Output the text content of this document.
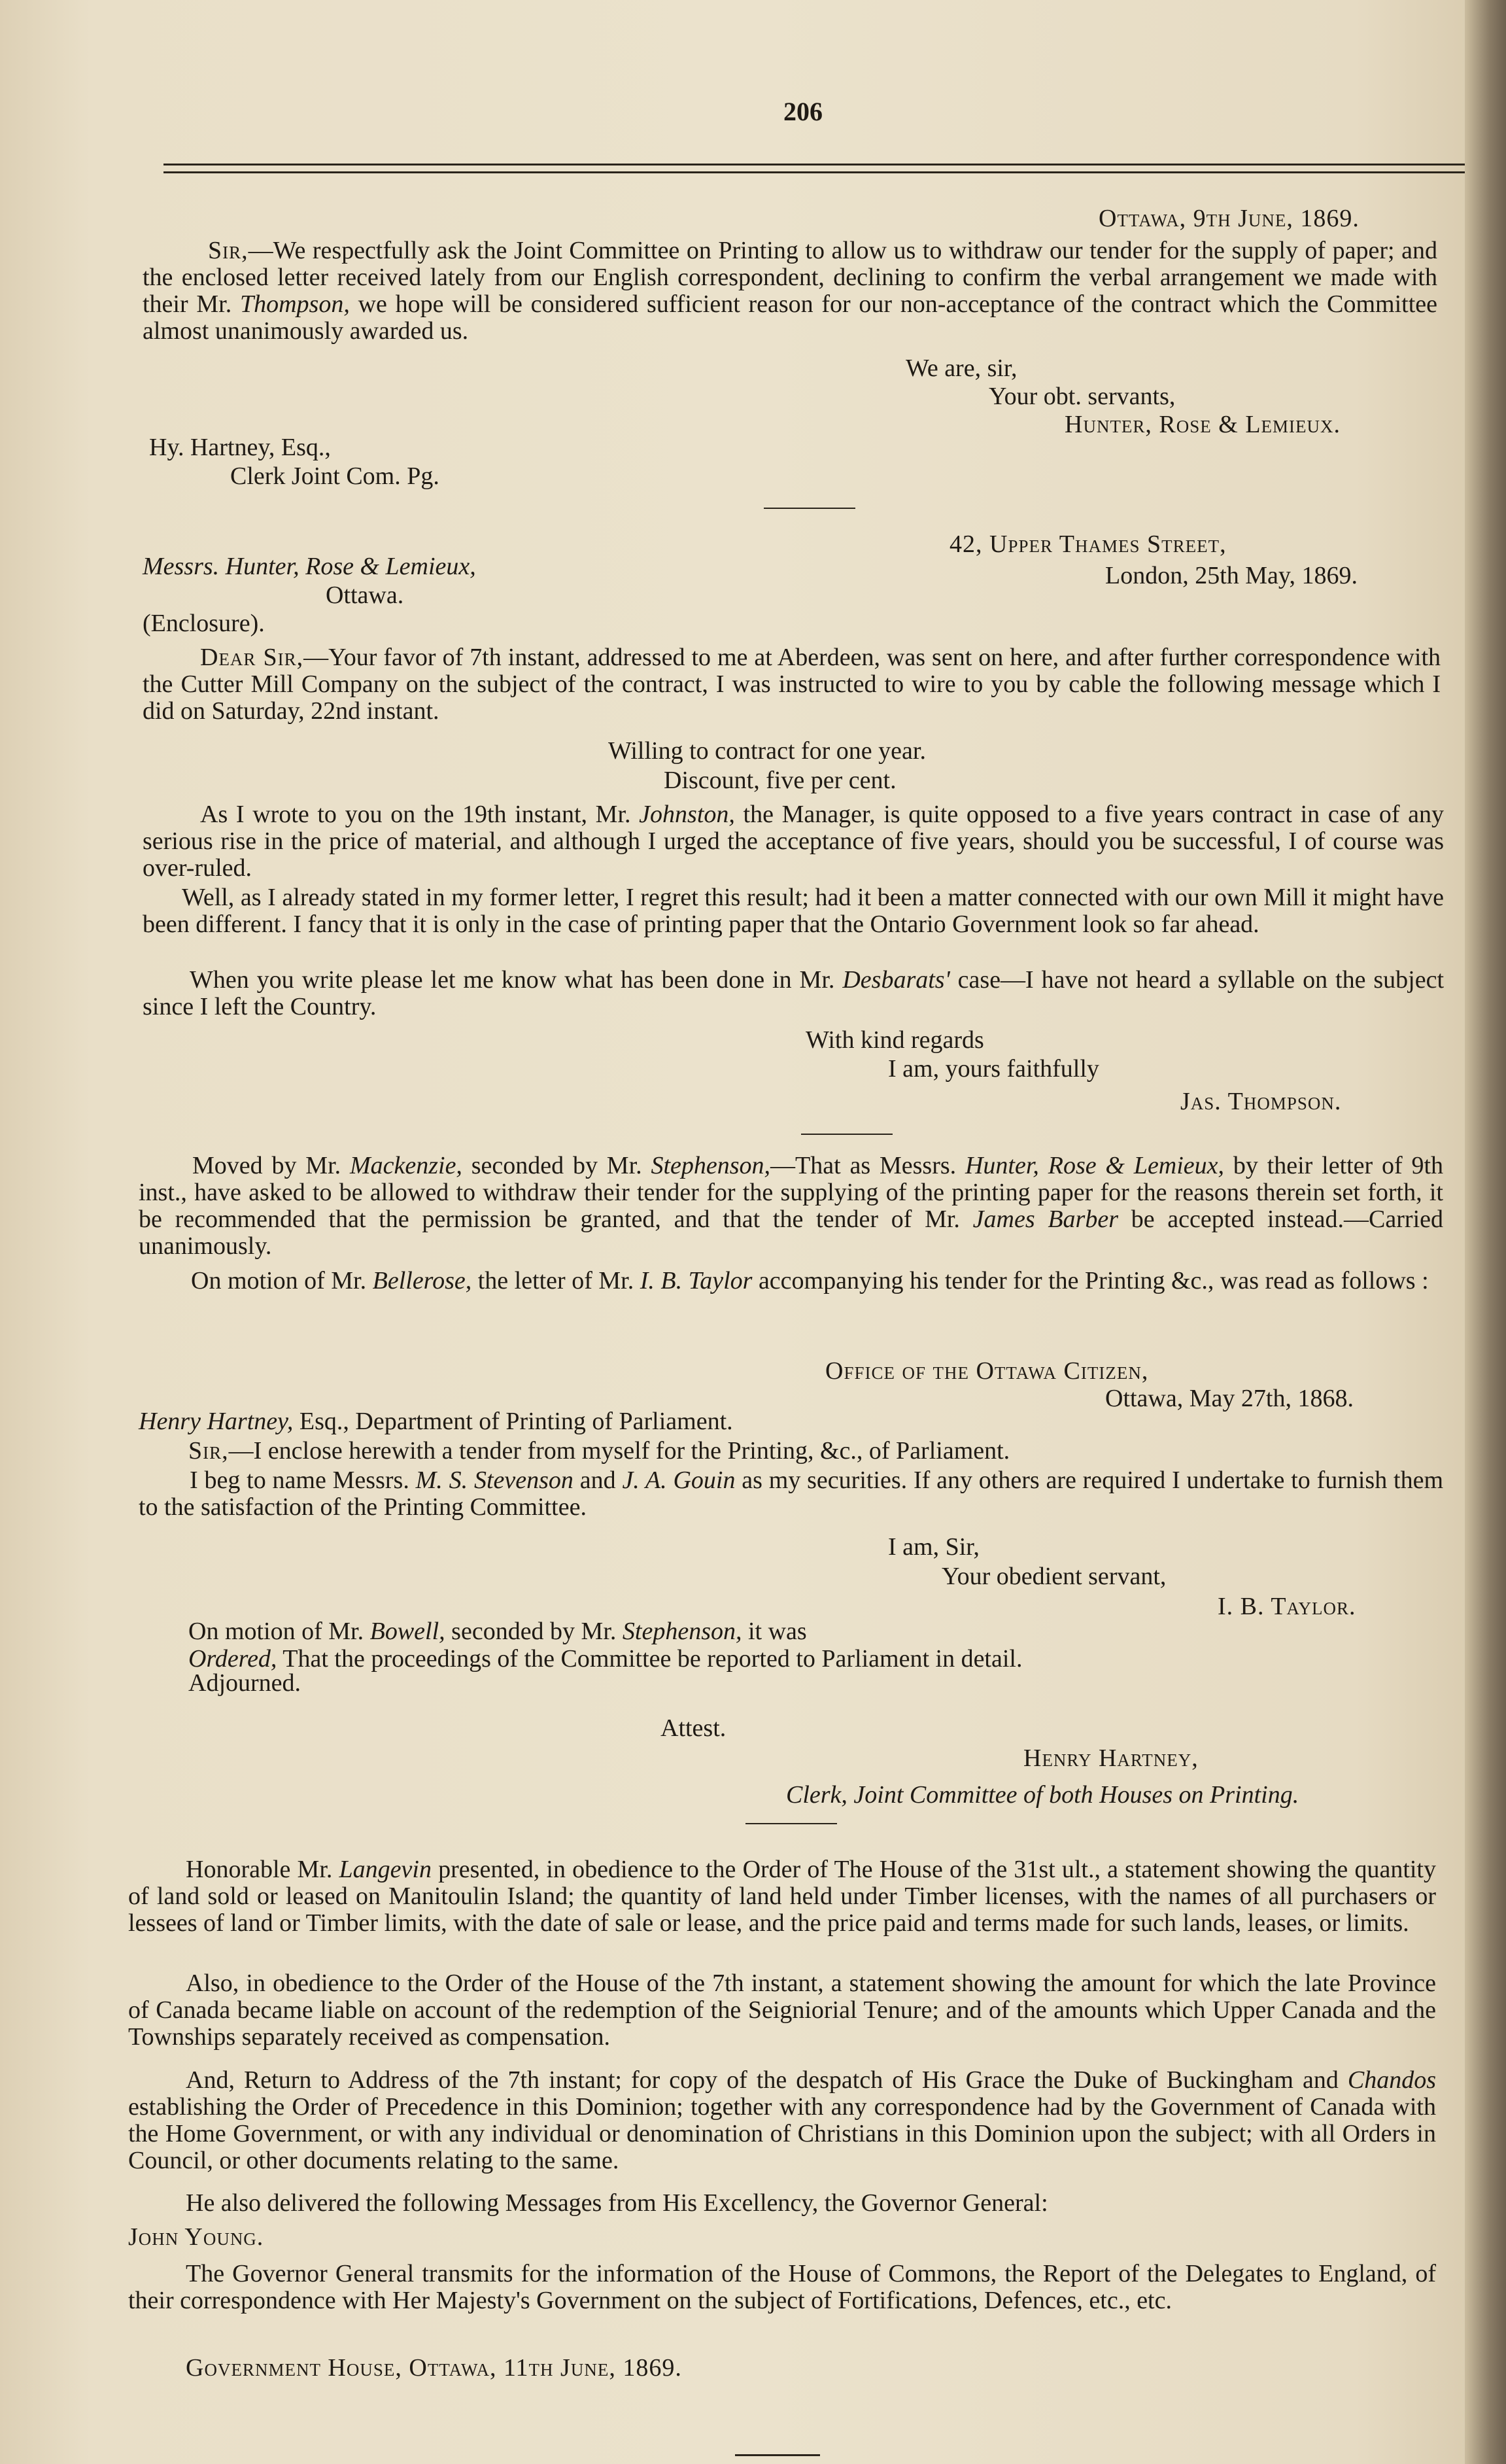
206
Ottawa, 9th June, 1869.
Sir,—We respectfully ask the Joint Committee on Printing to allow us to withdraw our tender for the supply of paper; and the enclosed letter received lately from our English correspondent, declining to confirm the verbal arrangement we made with their Mr. Thompson, we hope will be considered sufficient reason for our non-acceptance of the contract which the Committee almost unanimously awarded us.
We are, sir,
Your obt. servants,
Hunter, Rose & Lemieux.
Hy. Hartney, Esq.,
Clerk Joint Com. Pg.
42, Upper Thames Street,
Messrs. Hunter, Rose & Lemieux,	London, 25th May, 1869.
Ottawa.
(Enclosure).
Dear Sir,—Your favor of 7th instant, addressed to me at Aberdeen, was sent on here, and after further correspondence with the Cutter Mill Company on the subject of the contract, I was instructed to wire to you by cable the following message which I did on Saturday, 22nd instant.
Willing to contract for one year.
Discount, five per cent.
As I wrote to you on the 19th instant, Mr. Johnston, the Manager, is quite opposed to a five years contract in case of any serious rise in the price of material, and although I urged the acceptance of five years, should you be successful, I of course was over-ruled.
Well, as I already stated in my former letter, I regret this result; had it been a matter connected with our own Mill it might have been different. I fancy that it is only in the case of printing paper that the Ontario Government look so far ahead.
When you write please let me know what has been done in Mr. Desbarats' case—I have not heard a syllable on the subject since I left the Country.
With kind regards
I am, yours faithfully
Jas. Thompson.
Moved by Mr. Mackenzie, seconded by Mr. Stephenson,—That as Messrs. Hunter, Rose & Lemieux, by their letter of 9th inst., have asked to be allowed to withdraw their tender for the supplying of the printing paper for the reasons therein set forth, it be recommended that the permission be granted, and that the tender of Mr. James Barber be accepted instead.—Carried unanimously.
On motion of Mr. Bellerose, the letter of Mr. I. B. Taylor accompanying his tender for the Printing &c., was read as follows :
Office of the Ottawa Citizen,
Ottawa, May 27th, 1868.
Henry Hartney, Esq., Department of Printing of Parliament.
Sir,—I enclose herewith a tender from myself for the Printing, &c., of Parliament.
I beg to name Messrs. M. S. Stevenson and J. A. Gouin as my securities. If any others are required I undertake to furnish them to the satisfaction of the Printing Committee.
I am, Sir,
Your obedient servant,
I. B. Taylor.
On motion of Mr. Bowell, seconded by Mr. Stephenson, it was
Ordered, That the proceedings of the Committee be reported to Parliament in detail.
Adjourned.
Attest.
Henry Hartney,
Clerk, Joint Committee of both Houses on Printing.
Honorable Mr. Langevin presented, in obedience to the Order of The House of the 31st ult., a statement showing the quantity of land sold or leased on Manitoulin Island; the quantity of land held under Timber licenses, with the names of all purchasers or lessees of land or Timber limits, with the date of sale or lease, and the price paid and terms made for such lands, leases, or limits.
Also, in obedience to the Order of the House of the 7th instant, a statement showing the amount for which the late Province of Canada became liable on account of the redemption of the Seigniorial Tenure; and of the amounts which Upper Canada and the Townships separately received as compensation.
And, Return to Address of the 7th instant; for copy of the despatch of His Grace the Duke of Buckingham and Chandos establishing the Order of Precedence in this Dominion; together with any correspondence had by the Government of Canada with the Home Government, or with any individual or denomination of Christians in this Dominion upon the subject; with all Orders in Council, or other documents relating to the same.
He also delivered the following Messages from His Excellency, the Governor General:
John Young.
The Governor General transmits for the information of the House of Commons, the Report of the Delegates to England, of their correspondence with Her Majesty's Government on the subject of Fortifications, Defences, etc., etc.
Government House, Ottawa, 11th June, 1869.
